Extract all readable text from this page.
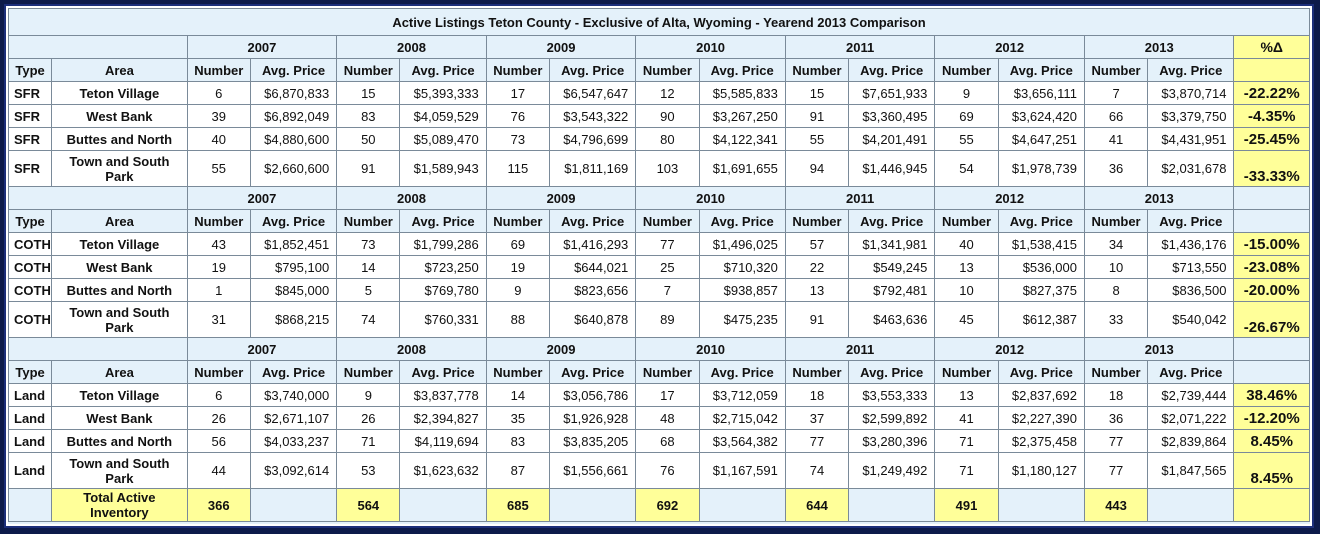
Active Listings Teton County - Exclusive of Alta, Wyoming - Yearend 2013 Comparison																
		2007		2008		2009		2010		2011		2012		2013		%Δ
Type	Area	Number	Avg. Price	Number	Avg. Price	Number	Avg. Price	Number	Avg. Price	Number	Avg. Price	Number	Avg. Price	Number	Avg. Price	
SFR	Teton Village	6	$6,870,833	15	$5,393,333	17	$6,547,647	12	$5,585,833	15	$7,651,933	9	$3,656,111	7	$3,870,714	-22.22%
SFR	West Bank	39	$6,892,049	83	$4,059,529	76	$3,543,322	90	$3,267,250	91	$3,360,495	69	$3,624,420	66	$3,379,750	-4.35%
SFR	Buttes and North	40	$4,880,600	50	$5,089,470	73	$4,796,699	80	$4,122,341	55	$4,201,491	55	$4,647,251	41	$4,431,951	-25.45%
SFR	Town and South Park	55	$2,660,600	91	$1,589,943	115	$1,811,169	103	$1,691,655	94	$1,446,945	54	$1,978,739	36	$2,031,678	-33.33%
		2007		2008		2009		2010		2011		2012		2013		
Type	Area	Number	Avg. Price	Number	Avg. Price	Number	Avg. Price	Number	Avg. Price	Number	Avg. Price	Number	Avg. Price	Number	Avg. Price	
COTH	Teton Village	43	$1,852,451	73	$1,799,286	69	$1,416,293	77	$1,496,025	57	$1,341,981	40	$1,538,415	34	$1,436,176	-15.00%
COTH	West Bank	19	$795,100	14	$723,250	19	$644,021	25	$710,320	22	$549,245	13	$536,000	10	$713,550	-23.08%
COTH	Buttes and North	1	$845,000	5	$769,780	9	$823,656	7	$938,857	13	$792,481	10	$827,375	8	$836,500	-20.00%
COTH	Town and South Park	31	$868,215	74	$760,331	88	$640,878	89	$475,235	91	$463,636	45	$612,387	33	$540,042	-26.67%
		2007		2008		2009		2010		2011		2012		2013		
Type	Area	Number	Avg. Price	Number	Avg. Price	Number	Avg. Price	Number	Avg. Price	Number	Avg. Price	Number	Avg. Price	Number	Avg. Price	
Land	Teton Village	6	$3,740,000	9	$3,837,778	14	$3,056,786	17	$3,712,059	18	$3,553,333	13	$2,837,692	18	$2,739,444	38.46%
Land	West Bank	26	$2,671,107	26	$2,394,827	35	$1,926,928	48	$2,715,042	37	$2,599,892	41	$2,227,390	36	$2,071,222	-12.20%
Land	Buttes and North	56	$4,033,237	71	$4,119,694	83	$3,835,205	68	$3,564,382	77	$3,280,396	71	$2,375,458	77	$2,839,864	8.45%
Land	Town and South Park	44	$3,092,614	53	$1,623,632	87	$1,556,661	76	$1,167,591	74	$1,249,492	71	$1,180,127	77	$1,847,565	8.45%
	Total Active Inventory	366		564		685		692		644		491		443		
